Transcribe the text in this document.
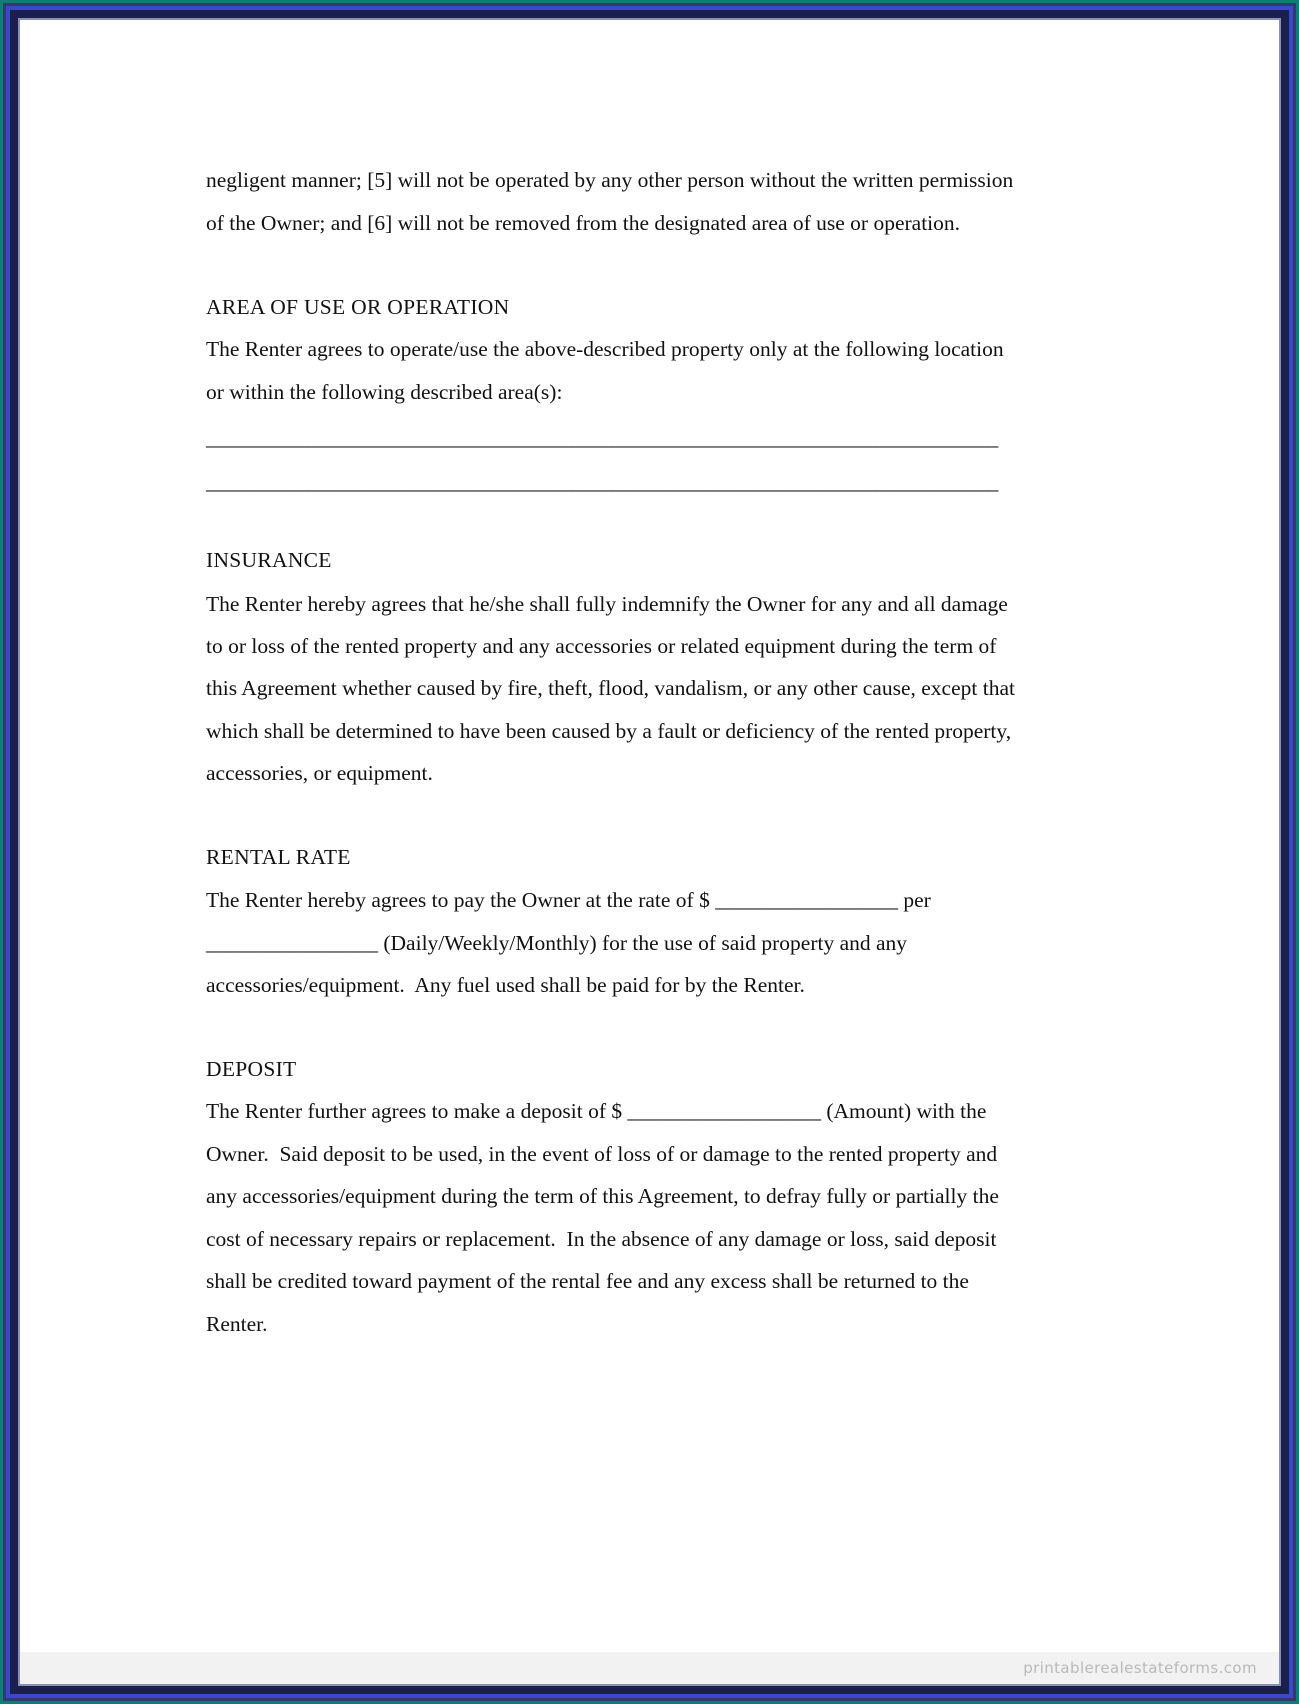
negligent manner; [5] will not be operated by any other person without the written permission
of the Owner; and [6] will not be removed from the designated area of use or operation.
AREA OF USE OR OPERATION
The Renter agrees to operate/use the above-described property only at the following location
or within the following described area(s):
______________________________________________________________________________
______________________________________________________________________________
INSURANCE
The Renter hereby agrees that he/she shall fully indemnify the Owner for any and all damage
to or loss of the rented property and any accessories or related equipment during the term of
this Agreement whether caused by fire, theft, flood, vandalism, or any other cause, except that
which shall be determined to have been caused by a fault or deficiency of the rented property,
accessories, or equipment.
RENTAL RATE
The Renter hereby agrees to pay the Owner at the rate of $ _________________ per
________________ (Daily/Weekly/Monthly) for the use of said property and any
accessories/equipment.  Any fuel used shall be paid for by the Renter.
DEPOSIT
The Renter further agrees to make a deposit of $ __________________ (Amount) with the
Owner.  Said deposit to be used, in the event of loss of or damage to the rented property and
any accessories/equipment during the term of this Agreement, to defray fully or partially the
cost of necessary repairs or replacement.  In the absence of any damage or loss, said deposit
shall be credited toward payment of the rental fee and any excess shall be returned to the
Renter.
printablerealestateforms.com
